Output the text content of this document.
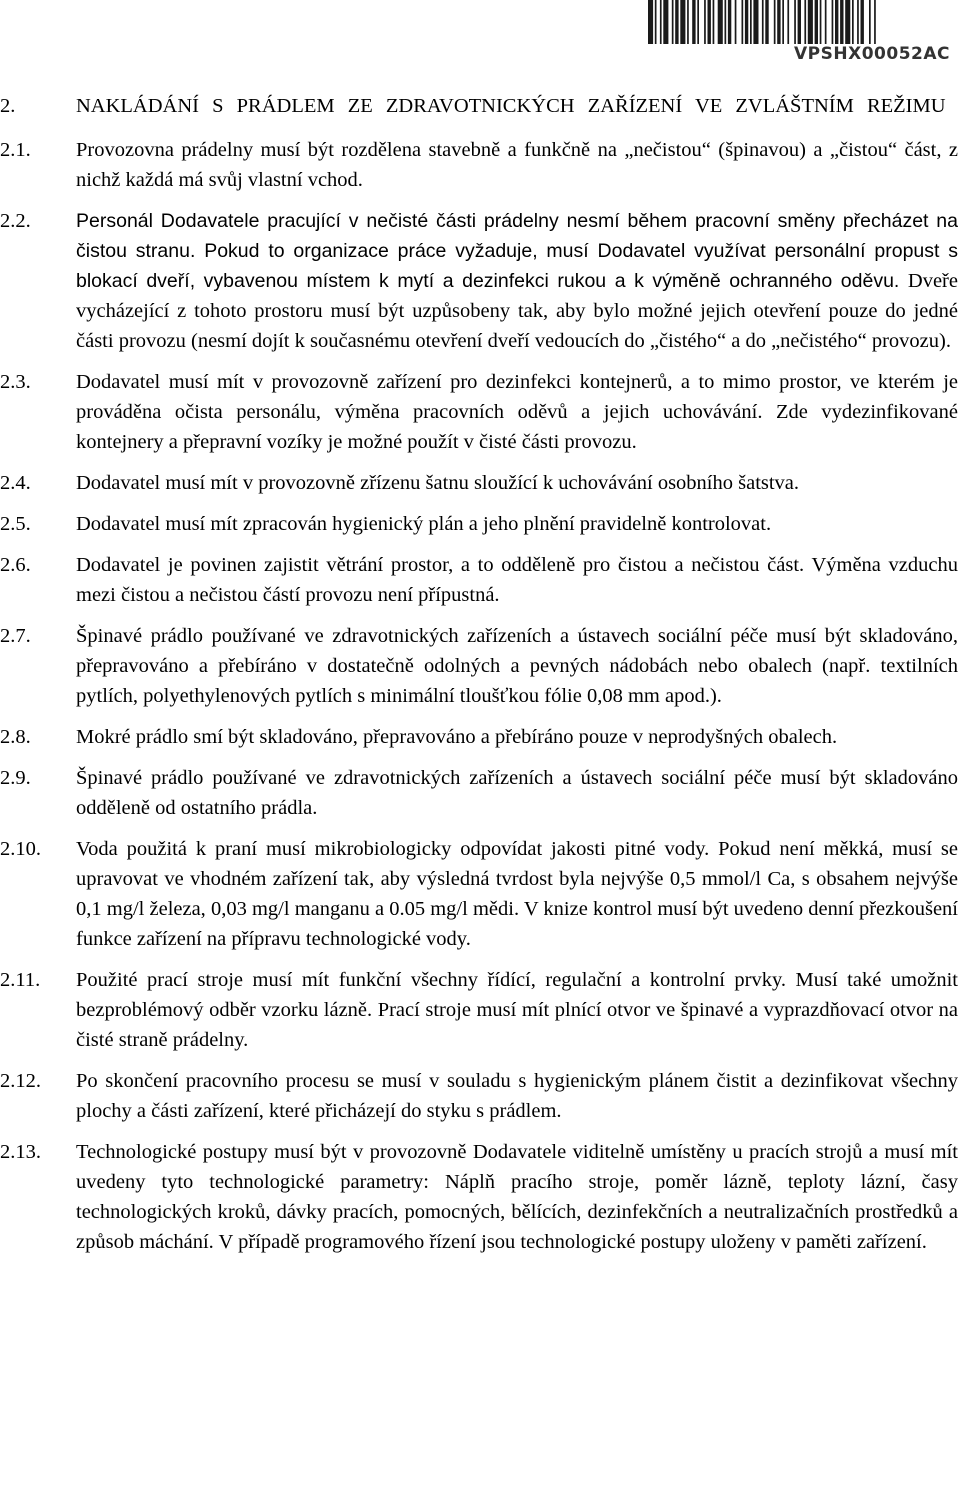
VPSHX00052AC
2.	NAKLÁDÁNÍ S PRÁDLEM ZE ZDRAVOTNICKÝCH ZAŘÍZENÍ VE ZVLÁŠTNÍM REŽIMU
2.1.	Provozovna prádelny musí být rozdělena stavebně a funkčně na „nečistou“ (špinavou) a „čistou“ část, z nichž každá má svůj vlastní vchod.
2.2.	Personál Dodavatele pracující v nečisté části prádelny nesmí během pracovní směny přecházet na čistou stranu. Pokud to organizace práce vyžaduje, musí Dodavatel využívat personální propust s blokací dveří, vybavenou místem k mytí a dezinfekci rukou a k výměně ochranného oděvu. Dveře vycházející z tohoto prostoru musí být uzpůsobeny tak, aby bylo možné jejich otevření pouze do jedné části provozu (nesmí dojít k současnému otevření dveří vedoucích do „čistého“ a do „nečistého“ provozu).
2.3.	Dodavatel musí mít v provozovně zařízení pro dezinfekci kontejnerů, a to mimo prostor, ve kterém je prováděna očista personálu, výměna pracovních oděvů a jejich uchovávání. Zde vydezinfikované kontejnery a přepravní vozíky je možné použít v čisté části provozu.
2.4.	Dodavatel musí mít v provozovně zřízenu šatnu sloužící k uchovávání osobního šatstva.
2.5.	Dodavatel musí mít zpracován hygienický plán a jeho plnění pravidelně kontrolovat.
2.6.	Dodavatel je povinen zajistit větrání prostor, a to odděleně pro čistou a nečistou část. Výměna vzduchu mezi čistou a nečistou částí provozu není přípustná.
2.7.	Špinavé prádlo používané ve zdravotnických zařízeních a ústavech sociální péče musí být skladováno, přepravováno a přebíráno v dostatečně odolných a pevných nádobách nebo obalech (např. textilních pytlích, polyethylenových pytlích s minimální tloušťkou fólie 0,08 mm apod.).
2.8.	Mokré prádlo smí být skladováno, přepravováno a přebíráno pouze v neprodyšných obalech.
2.9.	Špinavé prádlo používané ve zdravotnických zařízeních a ústavech sociální péče musí být skladováno odděleně od ostatního prádla.
2.10.	Voda použitá k praní musí mikrobiologicky odpovídat jakosti pitné vody. Pokud není měkká, musí se upravovat ve vhodném zařízení tak, aby výsledná tvrdost byla nejvýše 0,5 mmol/l Ca, s obsahem nejvýše 0,1 mg/l železa, 0,03 mg/l manganu a 0.05 mg/l mědi. V knize kontrol musí být uvedeno denní přezkoušení funkce zařízení na přípravu technologické vody.
2.11.	Použité prací stroje musí mít funkční všechny řídící, regulační a kontrolní prvky. Musí také umožnit bezproblémový odběr vzorku lázně. Prací stroje musí mít plnící otvor ve špinavé a vyprazdňovací otvor na čisté straně prádelny.
2.12.	Po skončení pracovního procesu se musí v souladu s hygienickým plánem čistit a dezinfikovat všechny plochy a části zařízení, které přicházejí do styku s prádlem.
2.13.	Technologické postupy musí být v provozovně Dodavatele viditelně umístěny u pracích strojů a musí mít uvedeny tyto technologické parametry: Náplň pracího stroje, poměr lázně, teploty lázní, časy technologických kroků, dávky pracích, pomocných, bělících, dezinfekčních a neutralizačních prostředků a způsob máchání. V případě programového řízení jsou technologické postupy uloženy v paměti zařízení.
